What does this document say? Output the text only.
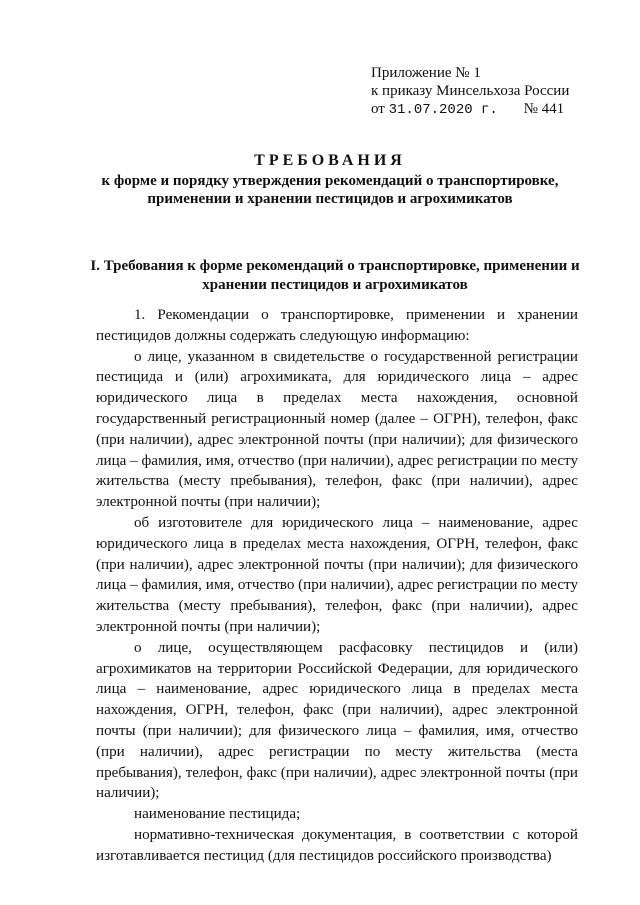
Приложение № 1
к приказу Минсельхоза России
от 31.07.2020 г. № 441
ТРЕБОВАНИЯ
к форме и порядку утверждения рекомендаций о транспортировке, применении и хранении пестицидов и агрохимикатов
I. Требования к форме рекомендаций о транспортировке, применении и хранении пестицидов и агрохимикатов

1. Рекомендации о транспортировке, применении и хранении пестицидов должны содержать следующую информацию:

о лице, указанном в свидетельстве о государственной регистрации пестицида и (или) агрохимиката, для юридического лица – адрес юридического лица в пределах места нахождения, основной государственный регистрационный номер (далее – ОГРН), телефон, факс (при наличии), адрес электронной почты (при наличии); для физического лица – фамилия, имя, отчество (при наличии), адрес регистрации по месту жительства (месту пребывания), телефон, факс (при наличии), адрес электронной почты (при наличии);

об изготовителе для юридического лица – наименование, адрес юридического лица в пределах места нахождения, ОГРН, телефон, факс (при наличии), адрес электронной почты (при наличии); для физического лица – фамилия, имя, отчество (при наличии), адрес регистрации по месту жительства (месту пребывания), телефон, факс (при наличии), адрес электронной почты (при наличии);

о лице, осуществляющем расфасовку пестицидов и (или) агрохимикатов на территории Российской Федерации, для юридического лица – наименование, адрес юридического лица в пределах места нахождения, ОГРН, телефон, факс (при наличии), адрес электронной почты (при наличии); для физического лица – фамилия, имя, отчество (при наличии), адрес регистрации по месту жительства (места пребывания), телефон, факс (при наличии), адрес электронной почты (при наличии);

наименование пестицида;

нормативно-техническая документация, в соответствии с которой изготавливается пестицид (для пестицидов российского производства)
